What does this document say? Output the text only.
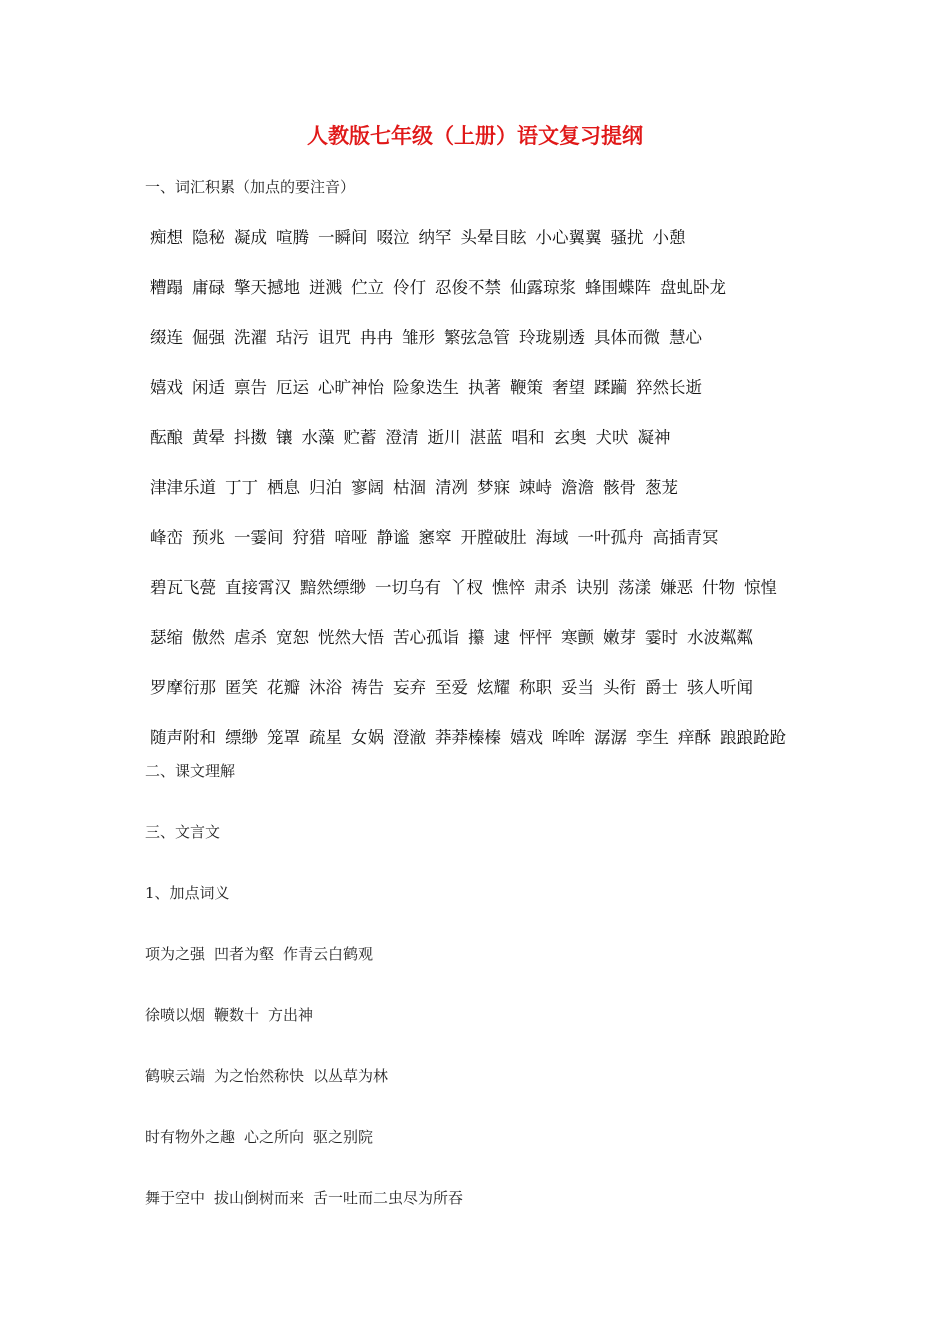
人教版七年级（上册）语文复习提纲
一、词汇积累（加点的要注音）
痴想 隐秘 凝成 喧腾 一瞬间 啜泣 纳罕 头晕目眩 小心翼翼 骚扰 小憩
糟蹋 庸碌 擎天撼地 迸溅 伫立 伶仃 忍俊不禁 仙露琼浆 蜂围蝶阵 盘虬卧龙
缀连 倔强 洗濯 玷污 诅咒 冉冉 雏形 繁弦急管 玲珑剔透 具体而微 慧心
嬉戏 闲适 禀告 厄运 心旷神怡 险象迭生 执著 鞭策 奢望 蹂躏 猝然长逝
酝酿 黄晕 抖擞 镶 水藻 贮蓄 澄清 逝川 湛蓝 唱和 玄奥 犬吠 凝神
津津乐道 丁丁 栖息 归泊 寥阔 枯涸 清冽 梦寐 竦峙 澹澹 骸骨 葱茏
峰峦 预兆 一霎间 狩猎 喑哑 静谧 窸窣 开膛破肚 海域 一叶孤舟 高插青冥
碧瓦飞甍 直接霄汉 黯然缥缈 一切乌有 丫杈 憔悴 肃杀 诀别 荡漾 嫌恶 什物 惊惶
瑟缩 傲然 虐杀 宽恕 恍然大悟 苦心孤诣 攥 逮 怦怦 寒颤 嫩芽 霎时 水波粼粼
罗摩衍那 匿笑 花瓣 沐浴 祷告 妄弃 至爱 炫耀 称职 妥当 头衔 爵士 骇人听闻
随声附和 缥缈 笼罩 疏星 女娲 澄澈 莽莽榛榛 嬉戏 哞哞 潺潺 孪生 痒酥 踉踉跄跄
二、课文理解
三、文言文
1、加点词义
项为之强 凹者为壑 作青云白鹤观
徐喷以烟 鞭数十 方出神
鹤唳云端 为之怡然称快 以丛草为林
时有物外之趣 心之所向 驱之别院
舞于空中 拔山倒树而来 舌一吐而二虫尽为所吞
